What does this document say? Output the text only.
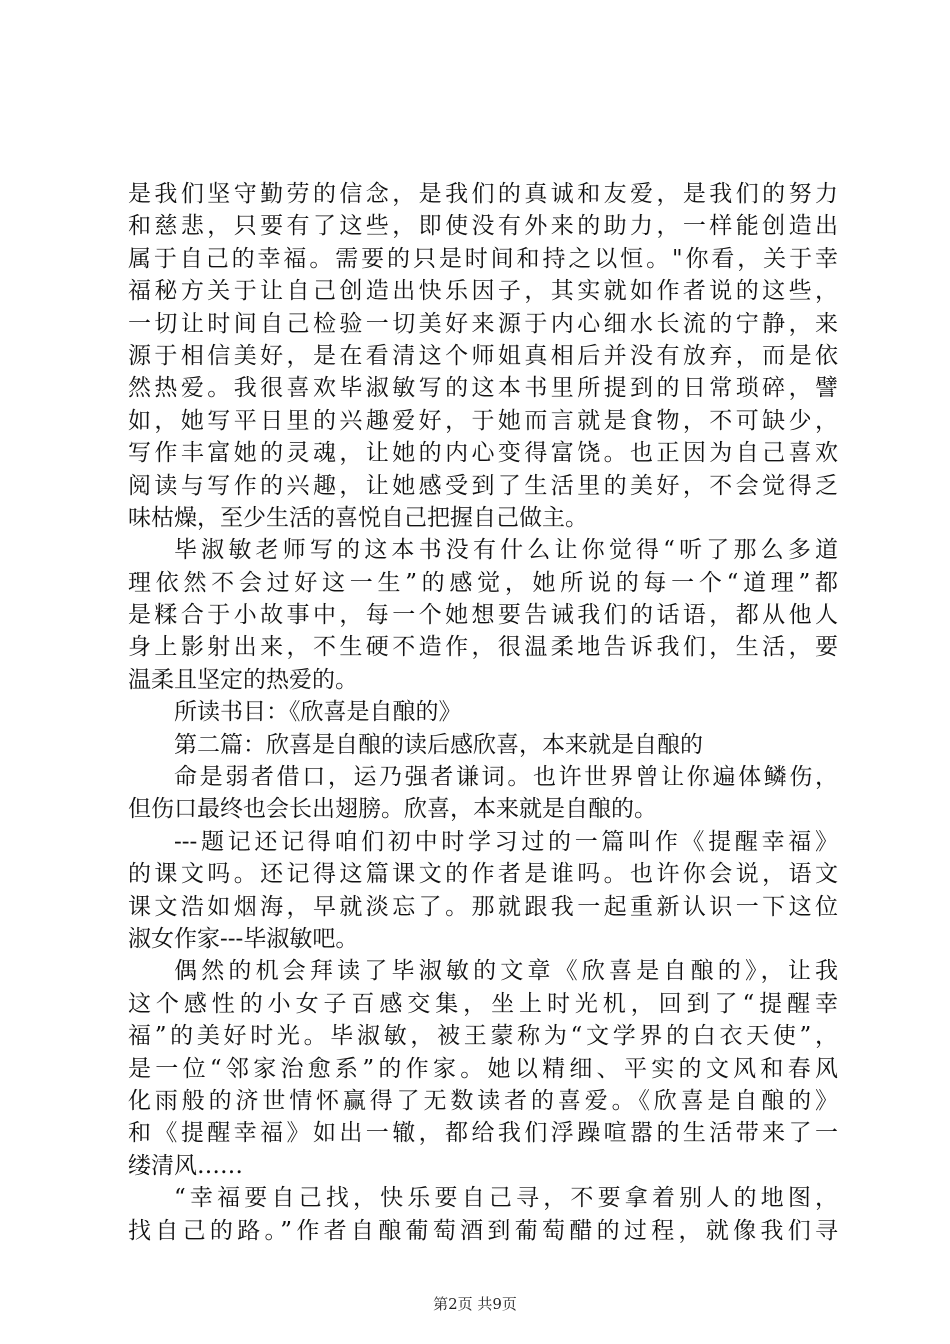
是我们坚守勤劳的信念，是我们的真诚和友爱，是我们的努力
和慈悲，只要有了这些，即使没有外来的助力，一样能创造出
属于自己的幸福。需要的只是时间和持之以恒。"你看，关于幸
福秘方关于让自己创造出快乐因子，其实就如作者说的这些，
一切让时间自己检验一切美好来源于内心细水长流的宁静，来
源于相信美好，是在看清这个师姐真相后并没有放弃，而是依
然热爱。我很喜欢毕淑敏写的这本书里所提到的日常琐碎，譬
如，她写平日里的兴趣爱好，于她而言就是食物，不可缺少，
写作丰富她的灵魂，让她的内心变得富饶。也正因为自己喜欢
阅读与写作的兴趣，让她感受到了生活里的美好，不会觉得乏
味枯燥，至少生活的喜悦自己把握自己做主。
毕淑敏老师写的这本书没有什么让你觉得“听了那么多道
理依然不会过好这一生”的感觉，她所说的每一个“道理”都
是糅合于小故事中，每一个她想要告诫我们的话语，都从他人
身上影射出来，不生硬不造作，很温柔地告诉我们，生活，要
温柔且坚定的热爱的。
所读书目：《欣喜是自酿的》
第二篇：欣喜是自酿的读后感欣喜，本来就是自酿的
命是弱者借口，运乃强者谦词。也许世界曾让你遍体鳞伤，
但伤口最终也会长出翅膀。欣喜，本来就是自酿的。
---题记还记得咱们初中时学习过的一篇叫作《提醒幸福》
的课文吗。还记得这篇课文的作者是谁吗。也许你会说，语文
课文浩如烟海，早就淡忘了。那就跟我一起重新认识一下这位
淑女作家---毕淑敏吧。
偶然的机会拜读了毕淑敏的文章《欣喜是自酿的》，让我
这个感性的小女子百感交集，坐上时光机，回到了“提醒幸
福”的美好时光。毕淑敏，被王蒙称为“文学界的白衣天使”，
是一位“邻家治愈系”的作家。她以精细、平实的文风和春风
化雨般的济世情怀赢得了无数读者的喜爱。《欣喜是自酿的》
和《提醒幸福》如出一辙，都给我们浮躁喧嚣的生活带来了一
缕清风……
“幸福要自己找，快乐要自己寻，不要拿着别人的地图，
找自己的路。”作者自酿葡萄酒到葡萄醋的过程，就像我们寻
第2页 共9页
